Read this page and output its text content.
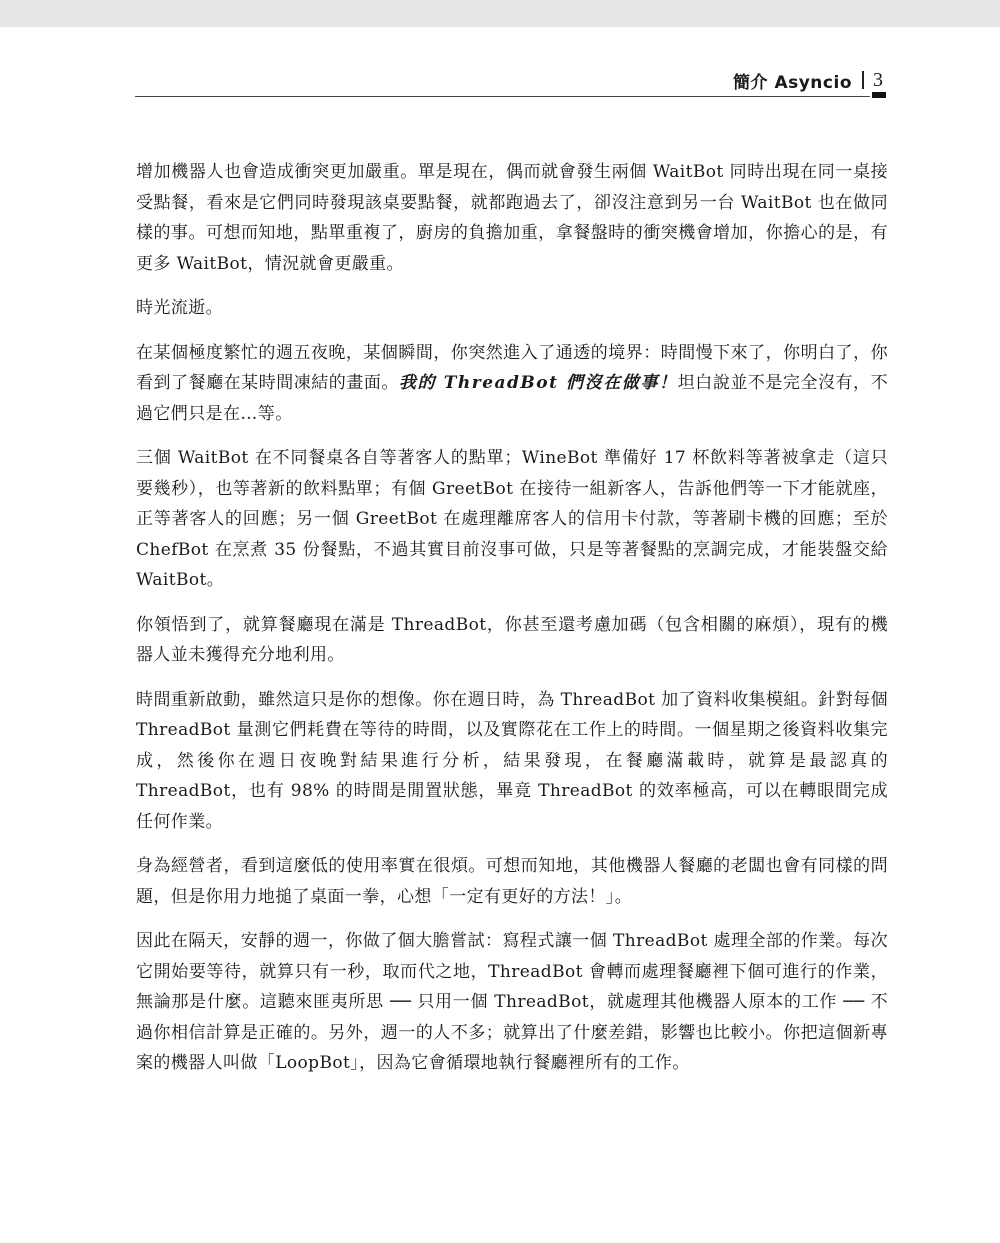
簡介 Asyncio 3

增加機器人也會造成衝突更加嚴重。單是現在，偶而就會發生兩個 WaitBot 同時出現在同一桌接受點餐，看來是它們同時發現該桌要點餐，就都跑過去了，卻沒注意到另一台 WaitBot 也在做同樣的事。可想而知地，點單重複了，廚房的負擔加重，拿餐盤時的衝突機會增加，你擔心的是，有更多 WaitBot，情況就會更嚴重。

時光流逝。

在某個極度繁忙的週五夜晚，某個瞬間，你突然進入了通透的境界：時間慢下來了，你明白了，你看到了餐廳在某時間凍結的畫面。我的 ThreadBot 們沒在做事！坦白說並不是完全沒有，不過它們只是在…等。

三個 WaitBot 在不同餐桌各自等著客人的點單；WineBot 準備好 17 杯飲料等著被拿走（這只要幾秒），也等著新的飲料點單；有個 GreetBot 在接待一組新客人，告訴他們等一下才能就座，正等著客人的回應；另一個 GreetBot 在處理離席客人的信用卡付款，等著刷卡機的回應；至於 ChefBot 在烹煮 35 份餐點，不過其實目前沒事可做，只是等著餐點的烹調完成，才能裝盤交給 WaitBot。

你領悟到了，就算餐廳現在滿是 ThreadBot，你甚至還考慮加碼（包含相關的麻煩），現有的機器人並未獲得充分地利用。

時間重新啟動，雖然這只是你的想像。你在週日時，為 ThreadBot 加了資料收集模組。針對每個 ThreadBot 量測它們耗費在等待的時間，以及實際花在工作上的時間。一個星期之後資料收集完成，然後你在週日夜晚對結果進行分析，結果發現，在餐廳滿載時，就算是最認真的 ThreadBot，也有 98% 的時間是閒置狀態，畢竟 ThreadBot 的效率極高，可以在轉眼間完成任何作業。

身為經營者，看到這麼低的使用率實在很煩。可想而知地，其他機器人餐廳的老闆也會有同樣的問題，但是你用力地搥了桌面一拳，心想「一定有更好的方法！」。

因此在隔天，安靜的週一，你做了個大膽嘗試：寫程式讓一個 ThreadBot 處理全部的作業。每次它開始要等待，就算只有一秒，取而代之地，ThreadBot 會轉而處理餐廳裡下個可進行的作業，無論那是什麼。這聽來匪夷所思 ── 只用一個 ThreadBot，就處理其他機器人原本的工作 ── 不過你相信計算是正確的。另外，週一的人不多；就算出了什麼差錯，影響也比較小。你把這個新專案的機器人叫做「LoopBot」，因為它會循環地執行餐廳裡所有的工作。
